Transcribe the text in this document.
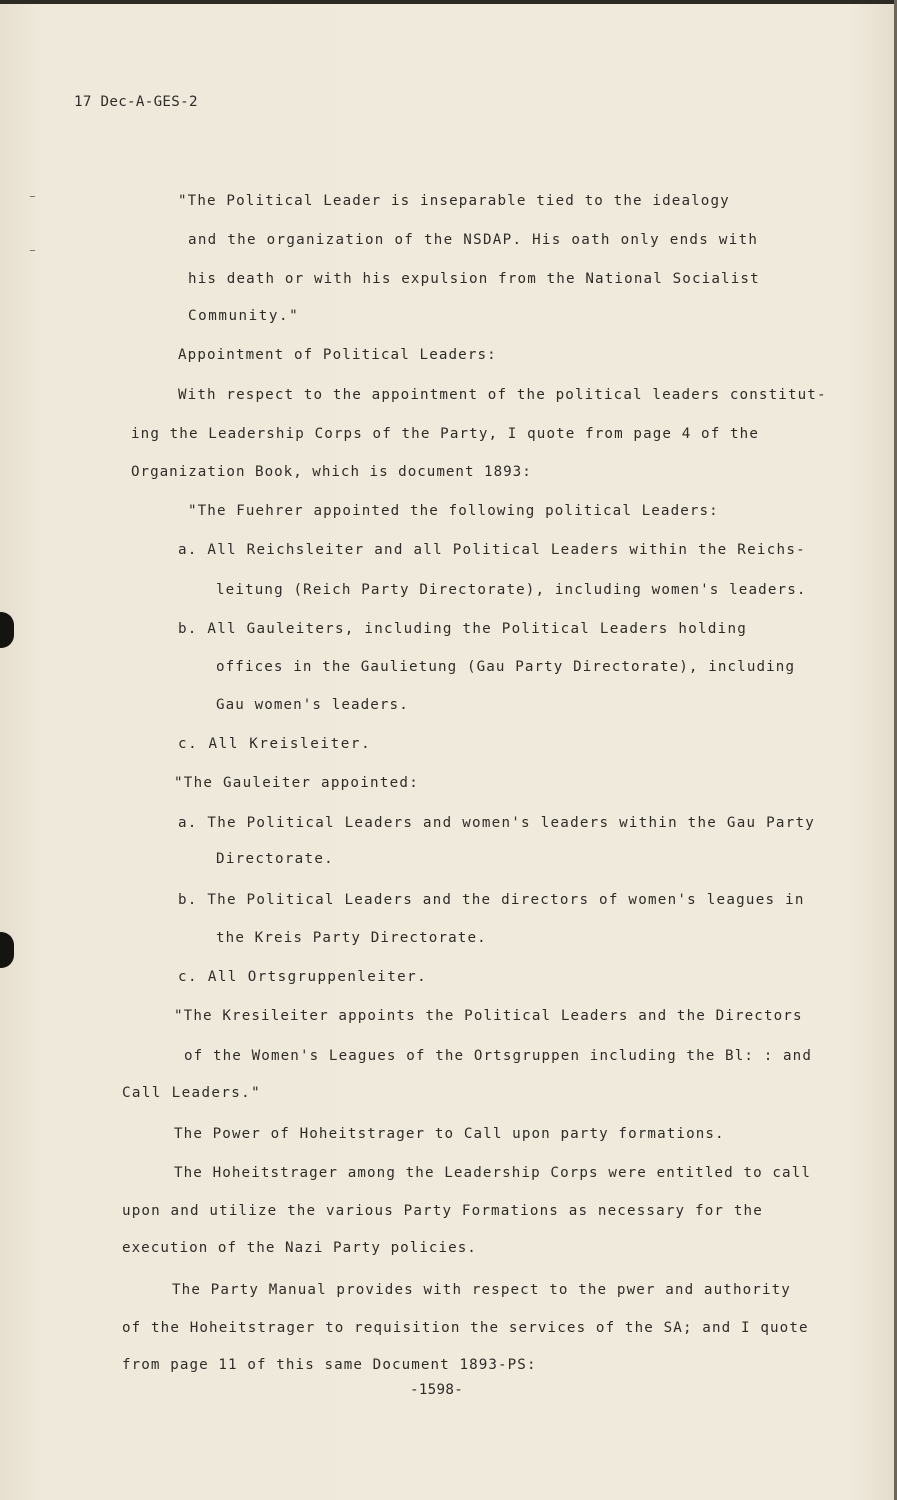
17 Dec-A-GES-2
"The Political Leader is inseparable tied to the idealogy
and the organization of the NSDAP. His oath only ends with
his death or with his expulsion from the National Socialist
Community."
Appointment of Political Leaders:
With respect to the appointment of the political leaders constitut-
ing the Leadership Corps of the Party, I quote from page 4 of the
Organization Book, which is document 1893:
"The Fuehrer appointed the following political Leaders:
a. All Reichsleiter and all Political Leaders within the Reichs-
leitung (Reich Party Directorate), including women's leaders.
b. All Gauleiters, including the Political Leaders holding
offices in the Gaulietung (Gau Party Directorate), including
Gau women's leaders.
c. All Kreisleiter.
"The Gauleiter appointed:
a. The Political Leaders and women's leaders within the Gau Party
Directorate.
b. The Political Leaders and the directors of women's leagues in
the Kreis Party Directorate.
c. All Ortsgruppenleiter.
"The Kresileiter appoints the Political Leaders and the Directors
of the Women's Leagues of the Ortsgruppen including the Bl: : and
Call Leaders."
The Power of Hoheitstrager to Call upon party formations.
The Hoheitstrager among the Leadership Corps were entitled to call
upon and utilize the various Party Formations as necessary for the
execution of the Nazi Party policies.
The Party Manual provides with respect to the pwer and authority
of the Hoheitstrager to requisition the services of the SA; and I quote
from page 11 of this same Document 1893-PS:
-1598-
